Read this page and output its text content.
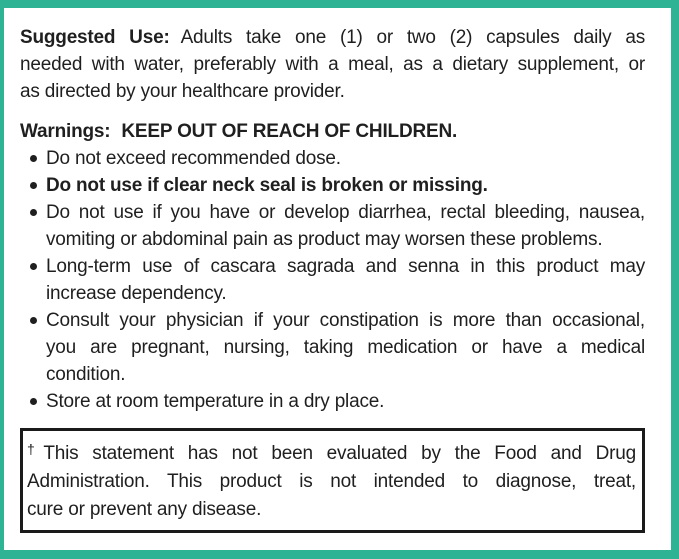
Suggested Use: Adults take one (1) or two (2) capsules daily as
needed with water, preferably with a meal, as a dietary supplement, or
as directed by your healthcare provider.
Warnings: KEEP OUT OF REACH OF CHILDREN.
Do not exceed recommended dose.
Do not use if clear neck seal is broken or missing.
Do not use if you have or develop diarrhea, rectal bleeding, nausea,
vomiting or abdominal pain as product may worsen these problems.
Long-term use of cascara sagrada and senna in this product may
increase dependency.
Consult your physician if your constipation is more than occasional,
you are pregnant, nursing, taking medication or have a medical
condition.
Store at room temperature in a dry place.
†This statement has not been evaluated by the Food and Drug
Administration. This product is not intended to diagnose, treat,
cure or prevent any disease.
